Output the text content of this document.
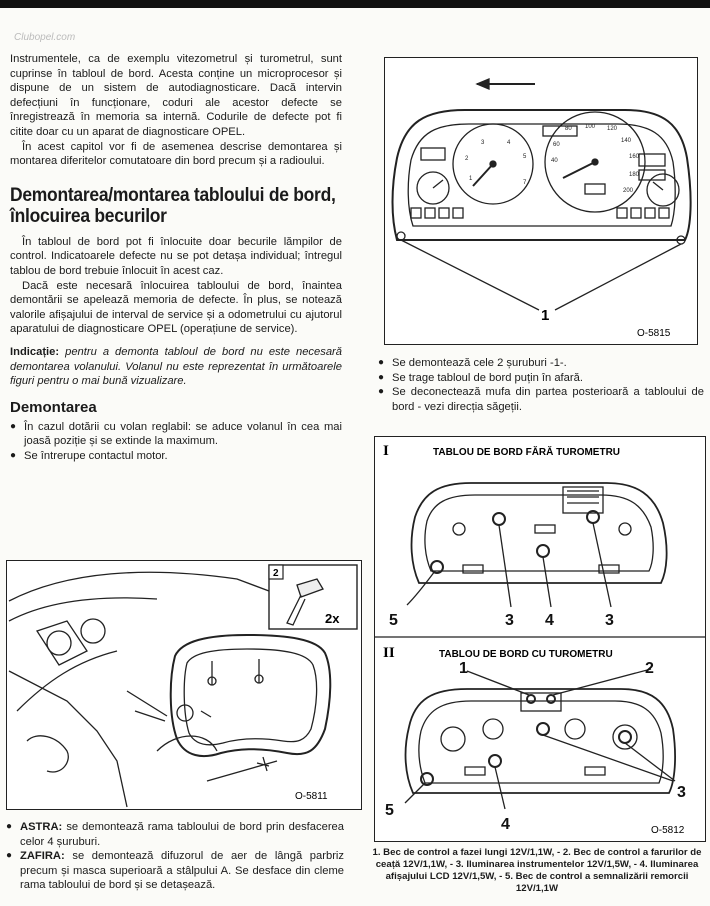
Clubopel.com

Instrumentele, ca de exemplu vitezometrul și turometrul, sunt cuprinse în tabloul de bord. Acesta conține un microprocesor și dispune de un sistem de autodiagnosticare. Dacă intervin defecțiuni în funcționare, coduri ale acestor defecte se înregistrează în memoria sa internă. Codurile de defecte pot fi citite doar cu un aparat de diagnosticare OPEL.

În acest capitol vor fi de asemenea descrise demontarea și montarea diferitelor comutatoare din bord precum și a radioului.

Demontarea/montarea tabloului de bord, înlocuirea becurilor

În tabloul de bord pot fi înlocuite doar becurile lămpilor de control. Indicatoarele defecte nu se pot detașa individual; întregul tablou de bord trebuie înlocuit în acest caz.

Dacă este necesară înlocuirea tabloului de bord, înaintea demontării se apelează memoria de defecte. În plus, se notează valorile afișajului de interval de service și a odometrului cu ajutorul aparatului de diagnosticare OPEL (operațiune de service).

Indicație: pentru a demonta tabloul de bord nu este necesară demontarea volanului. Volanul nu este reprezentat în următoarele figuri pentru o mai bună vizualizare.
Demontarea
● În cazul dotării cu volan reglabil: se aduce volanul în cea mai joasă poziție și se extinde la maximum.
● Se întrerupe contactul motor.
2
2x
O-5811
● ASTRA: se demontează rama tabloului de bord prin desfacerea celor 4 șuruburi.
● ZAFIRA: se demontează difuzorul de aer de lângă parbriz precum și masca superioară a stâlpului A. Se desface din cleme rama tabloului de bord și se detașează.
3	4
5
2
1
7
100 120
140
160
180
200
80
60
40
1
O-5815
● Se demontează cele 2 șuruburi -1-.
● Se trage tabloul de bord puțin în afară.
● Se deconectează mufa din partea posterioară a tabloului de bord - vezi direcția săgeții.
I	TABLOU DE BORD FĂRĂ TUROMETRU
5	3 4	3
II	TABLOU DE BORD CU TUROMETRU
1	2
3
5
4	O-5812
1. Bec de control a fazei lungi 12V/1,1W, - 2. Bec de control a farurilor de ceață 12V/1,1W, - 3. Iluminarea instrumentelor 12V/1,5W, - 4. Iluminarea afișajului LCD 12V/1,5W, - 5. Bec de control a semnalizării remorcii 12V/1,1W
